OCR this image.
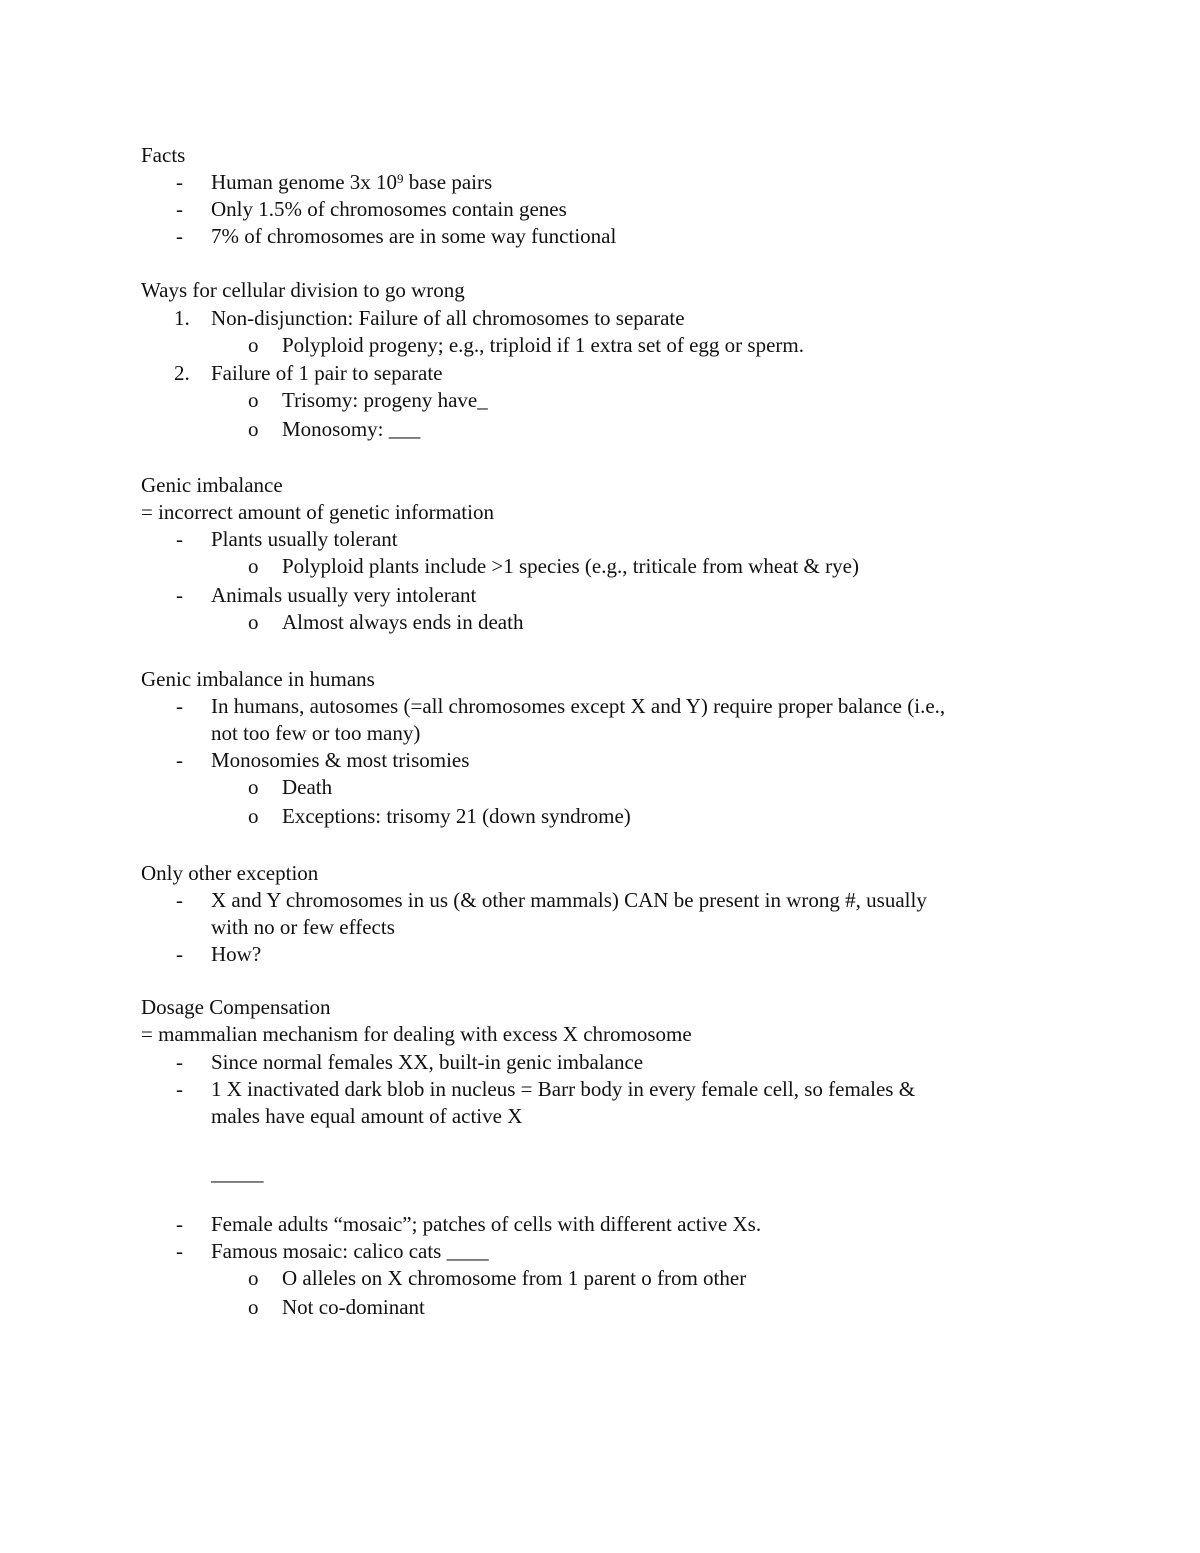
Facts
- Human genome 3x $10^9$ base pairs
- Only 1.5% of chromosomes contain genes
- 7% of chromosomes are in some way functional
Ways for cellular division to go wrong
1. Non-disjunction: Failure of all chromosomes to separate
o Polyploid progeny; e.g., triploid if 1 extra set of egg or sperm.
2. Failure of 1 pair to separate
o Trisomy: progeny have_
o Monosomy: ___
Genic imbalance
= incorrect amount of genetic information
- Plants usually tolerant
o Polyploid plants include >1 species (e.g., triticale from wheat & rye)
- Animals usually very intolerant
o Almost always ends in death
Genic imbalance in humans
- In humans, autosomes (=all chromosomes except X and Y) require proper balance (i.e.,
not too few or too many)
- Monosomies & most trisomies
o Death
o Exceptions: trisomy 21 (down syndrome)
Only other exception
- X and Y chromosomes in us (& other mammals) CAN be present in wrong #, usually
with no or few effects
- How?
Dosage Compensation
= mammalian mechanism for dealing with excess X chromosome
- Since normal females XX, built-in genic imbalance
- 1 X inactivated dark blob in nucleus = Barr body in every female cell, so females &
males have equal amount of active X
_____
- Female adults “mosaic”; patches of cells with different active Xs.
- Famous mosaic: calico cats ____
o O alleles on X chromosome from 1 parent o from other
o Not co-dominant
